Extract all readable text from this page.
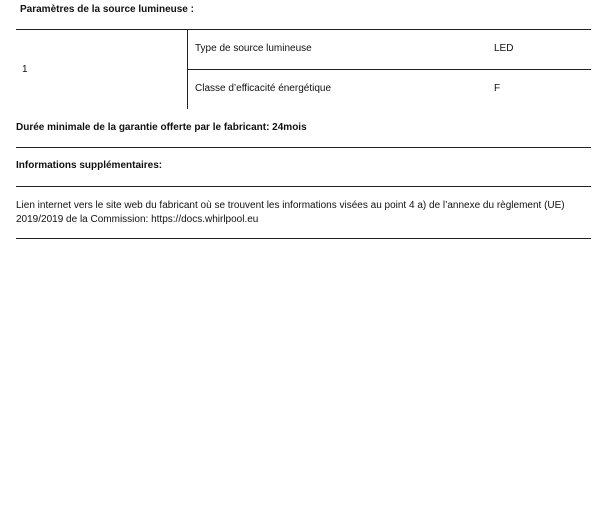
Paramètres de la source lumineuse :
1
Type de source lumineuse	LED
Classe d’efficacité énergétique	F
Durée minimale de la garantie offerte par le fabricant: 24mois
Informations supplémentaires:
Lien internet vers le site web du fabricant où se trouvent les informations visées au point 4 a) de l’annexe du règlement (UE) 2019/2019 de la Commission: https://docs.whirlpool.eu
